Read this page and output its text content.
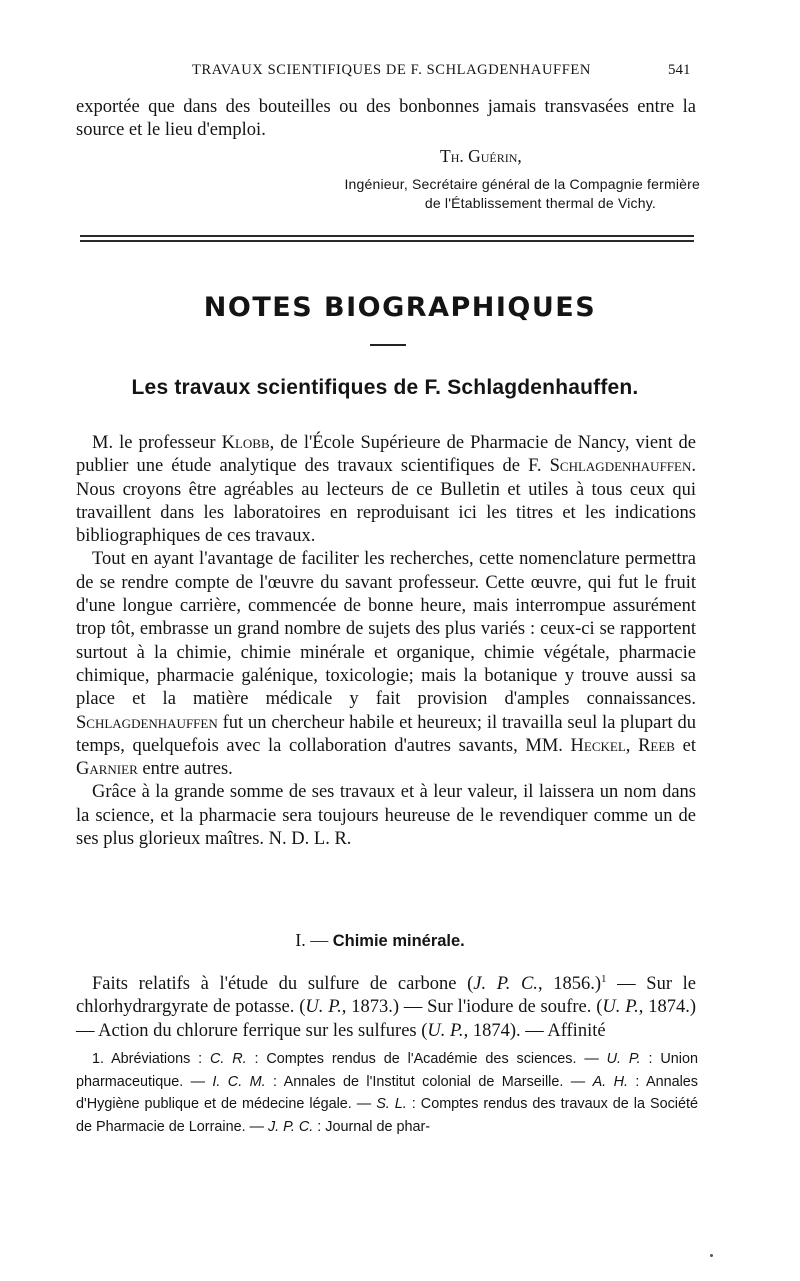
TRAVAUX SCIENTIFIQUES DE F. SCHLAGDENHAUFFEN	541

exportée que dans des bouteilles ou des bonbonnes jamais transvasées entre la source et le lieu d'emploi.

Th. Guérin,
Ingénieur, Secrétaire général de la Compagnie fermière
de l'Établissement thermal de Vichy.
NOTES BIOGRAPHIQUES
Les travaux scientifiques de F. Schlagdenhauffen.

M. le professeur Klobb, de l'École Supérieure de Pharmacie de Nancy, vient de publier une étude analytique des travaux scientifiques de F. Schlagdenhauffen. Nous croyons être agréables au lecteurs de ce Bulletin et utiles à tous ceux qui travaillent dans les laboratoires en reproduisant ici les titres et les indications bibliographiques de ces travaux.

Tout en ayant l'avantage de faciliter les recherches, cette nomenclature permettra de se rendre compte de l'œuvre du savant professeur. Cette œuvre, qui fut le fruit d'une longue carrière, commencée de bonne heure, mais interrompue assurément trop tôt, embrasse un grand nombre de sujets des plus variés : ceux-ci se rapportent surtout à la chimie, chimie minérale et organique, chimie végétale, pharmacie chimique, pharmacie galénique, toxicologie; mais la botanique y trouve aussi sa place et la matière médicale y fait provision d'amples connaissances. Schlagdenhauffen fut un chercheur habile et heureux; il travailla seul la plupart du temps, quelquefois avec la collaboration d'autres savants, MM. Heckel, Reeb et Garnier entre autres.

Grâce à la grande somme de ses travaux et à leur valeur, il laissera un nom dans la science, et la pharmacie sera toujours heureuse de le revendiquer comme un de ses plus glorieux maîtres. N. D. L. R.

I. — Chimie minérale.

Faits relatifs à l'étude du sulfure de carbone (J. P. C., 1856.)$^1$ — Sur le chlorhydrargyrate de potasse. (U. P., 1873.) — Sur l'iodure de soufre. (U. P., 1874.) — Action du chlorure ferrique sur les sulfures (U. P., 1874). — Affinité

1. Abréviations : C. R. : Comptes rendus de l'Académie des sciences. — U. P. : Union pharmaceutique. — I. C. M. : Annales de l'Institut colonial de Marseille. — A. H. : Annales d'Hygiène publique et de médecine légale. — S. L. : Comptes rendus des travaux de la Société de Pharmacie de Lorraine. — J. P. C. : Journal de phar-
